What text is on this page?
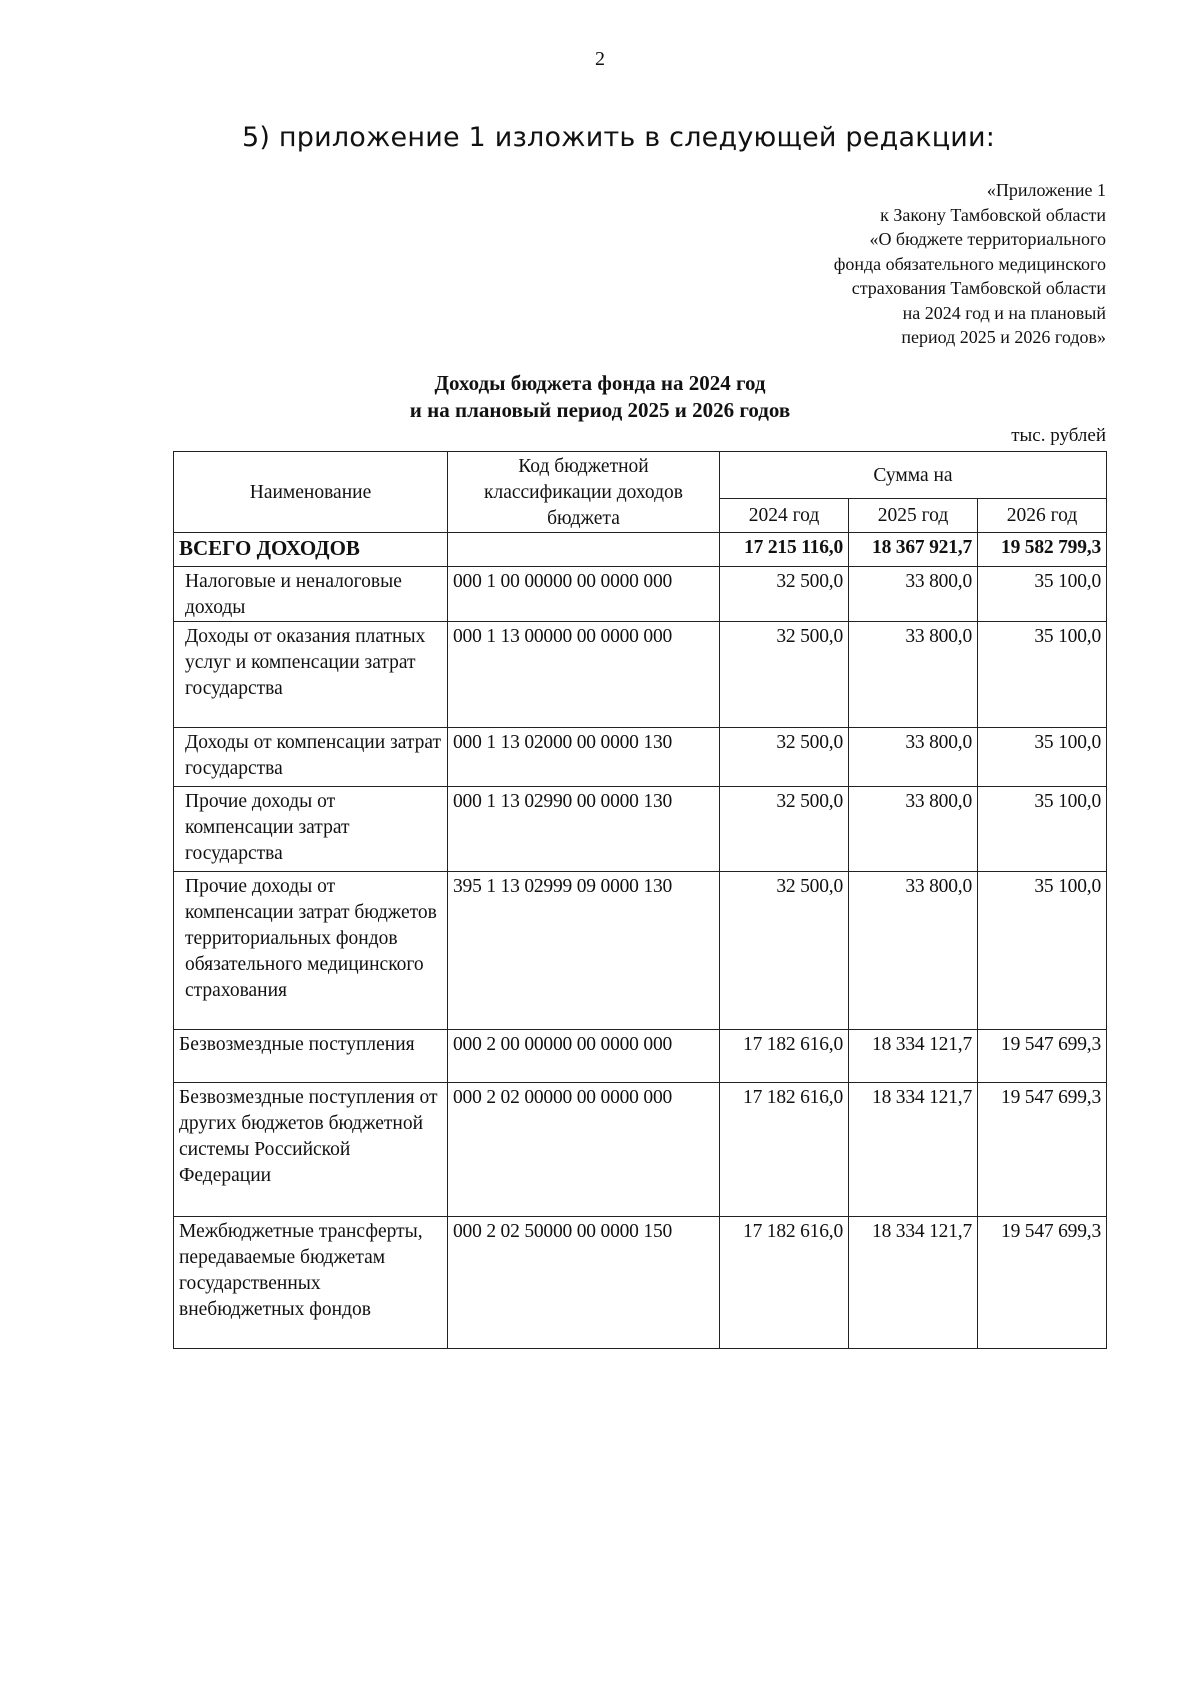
2
5) приложение 1 изложить в следующей редакции:
«Приложение 1
к Закону Тамбовской области
«О бюджете территориального
фонда обязательного медицинского
страхования Тамбовской области
на 2024 год и на плановый
период 2025 и 2026 годов»
Доходы бюджета фонда на 2024 год
и на плановый период 2025 и 2026 годов
тыс. рублей
Наименование	Код бюджетной классификации доходов бюджета	Сумма на		
		2024 год	2025 год	2026 год
ВСЕГО ДОХОДОВ		17 215 116,0	18 367 921,7	19 582 799,3
Налоговые и неналоговые доходы	000 1 00 00000 00 0000 000	32 500,0	33 800,0	35 100,0
Доходы от оказания платных услуг и компенсации затрат государства	000 1 13 00000 00 0000 000	32 500,0	33 800,0	35 100,0
Доходы от компенсации затрат государства	000 1 13 02000 00 0000 130	32 500,0	33 800,0	35 100,0
Прочие доходы от компенсации затрат государства	000 1 13 02990 00 0000 130	32 500,0	33 800,0	35 100,0
Прочие доходы от компенсации затрат бюджетов территориальных фондов обязательного медицинского страхования	395 1 13 02999 09 0000 130	32 500,0	33 800,0	35 100,0
Безвозмездные поступления	000 2 00 00000 00 0000 000	17 182 616,0	18 334 121,7	19 547 699,3
Безвозмездные поступления от других бюджетов бюджетной системы Российской Федерации	000 2 02 00000 00 0000 000	17 182 616,0	18 334 121,7	19 547 699,3
Межбюджетные трансферты, передаваемые бюджетам государственных внебюджетных фондов	000 2 02 50000 00 0000 150	17 182 616,0	18 334 121,7	19 547 699,3
